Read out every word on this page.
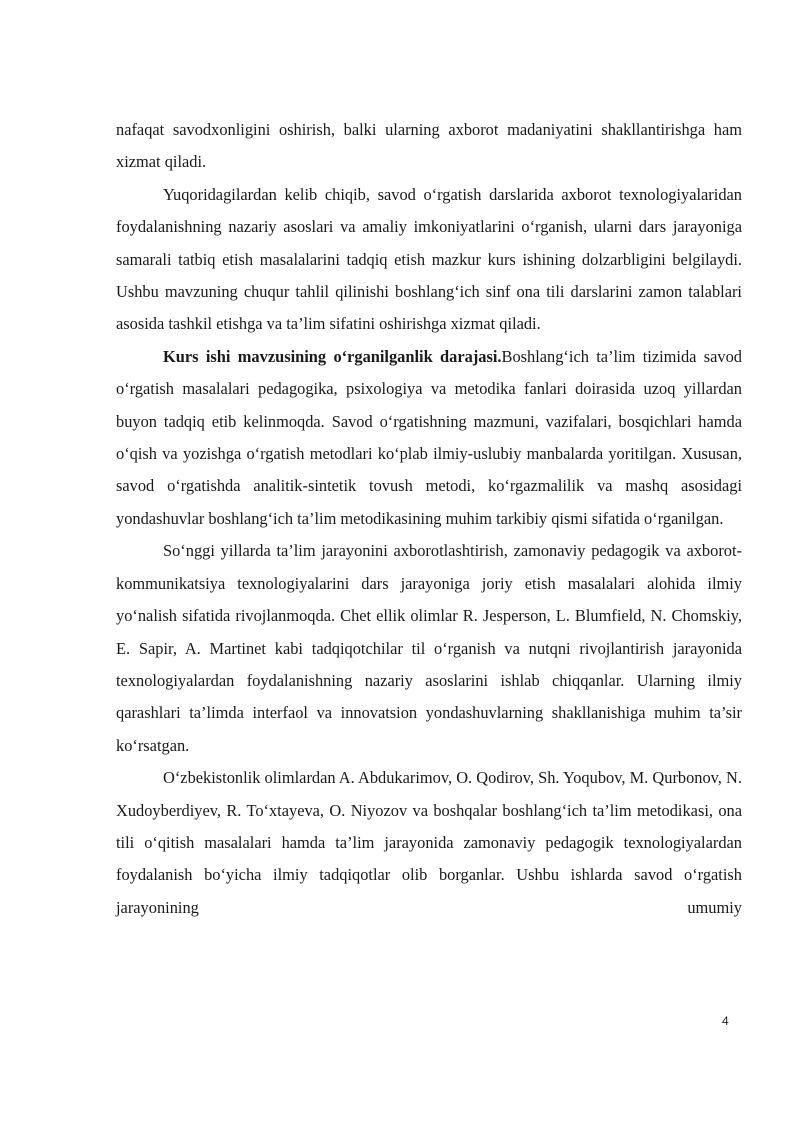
nafaqat savodxonligini oshirish, balki ularning axborot madaniyatini shakllantirishga ham xizmat qiladi.

Yuqoridagilardan kelib chiqib, savod o‘rgatish darslarida axborot texnologiyalaridan foydalanishning nazariy asoslari va amaliy imkoniyatlarini o‘rganish, ularni dars jarayoniga samarali tatbiq etish masalalarini tadqiq etish mazkur kurs ishining dolzarbligini belgilaydi. Ushbu mavzuning chuqur tahlil qilinishi boshlang‘ich sinf ona tili darslarini zamon talablari asosida tashkil etishga va ta’lim sifatini oshirishga xizmat qiladi.

Kurs ishi mavzusining o‘rganilganlik darajasi.Boshlang‘ich ta’lim tizimida savod o‘rgatish masalalari pedagogika, psixologiya va metodika fanlari doirasida uzoq yillardan buyon tadqiq etib kelinmoqda. Savod o‘rgatishning mazmuni, vazifalari, bosqichlari hamda o‘qish va yozishga o‘rgatish metodlari ko‘plab ilmiy-uslubiy manbalarda yoritilgan. Xususan, savod o‘rgatishda analitik-sintetik tovush metodi, ko‘rgazmalilik va mashq asosidagi yondashuvlar boshlang‘ich ta’lim metodikasining muhim tarkibiy qismi sifatida o‘rganilgan.

So‘nggi yillarda ta’lim jarayonini axborotlashtirish, zamonaviy pedagogik va axborot-kommunikatsiya texnologiyalarini dars jarayoniga joriy etish masalalari alohida ilmiy yo‘nalish sifatida rivojlanmoqda. Chet ellik olimlar R. Jesperson, L. Blumfield, N. Chomskiy, E. Sapir, A. Martinet kabi tadqiqotchilar til o‘rganish va nutqni rivojlantirish jarayonida texnologiyalardan foydalanishning nazariy asoslarini ishlab chiqqanlar. Ularning ilmiy qarashlari ta’limda interfaol va innovatsion yondashuvlarning shakllanishiga muhim ta’sir ko‘rsatgan.

O‘zbekistonlik olimlardan A. Abdukarimov, O. Qodirov, Sh. Yoqubov, M. Qurbonov, N. Xudoyberdiyev, R. To‘xtayeva, O. Niyozov va boshqalar boshlang‘ich ta’lim metodikasi, ona tili o‘qitish masalalari hamda ta’lim jarayonida zamonaviy pedagogik texnologiyalardan foydalanish bo‘yicha ilmiy tadqiqotlar olib borganlar. Ushbu ishlarda savod o‘rgatish jarayonining umumiy

4
